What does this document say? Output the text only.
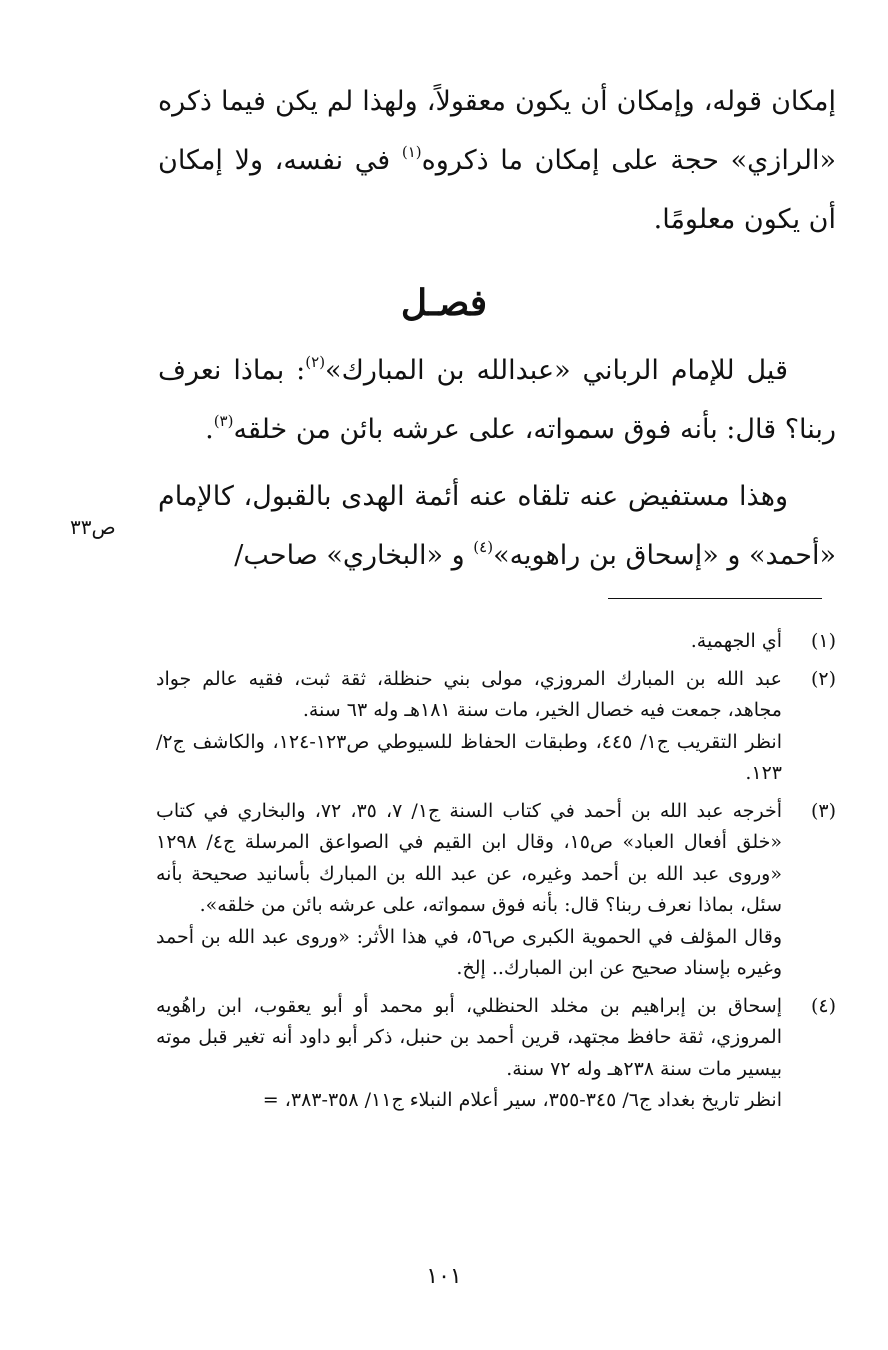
إمكان قوله، وإمكان أن يكون معقولاً، ولهذا لم يكن فيما ذكره «الرازي» حجة على إمكان ما ذكروه$^{(١)}$ في نفسه، ولا إمكان أن يكون معلومًا.

فصـل

قيل للإمام الرباني «عبدالله بن المبارك»$^{(٢)}$: بماذا نعرف ربنا؟ قال: بأنه فوق سمواته، على عرشه بائن من خلقه$^{(٣)}$.

وهذا مستفيض عنه تلقاه عنه أئمة الهدى بالقبول، كالإمام «أحمد» و «إسحاق بن راهويه»$^{(٤)}$ و «البخاري» صاحب/

ص٣٣
(١)

أي الجهمية.

(٢)

عبد الله بن المبارك المروزي، مولى بني حنظلة، ثقة ثبت، فقيه عالم جواد مجاهد، جمعت فيه خصال الخير، مات سنة ١٨١هـ وله ٦٣ سنة.

انظر التقريب ج١/ ٤٤٥، وطبقات الحفاظ للسيوطي ص١٢٣-١٢٤، والكاشف ج٢/ ١٢٣.

(٣)

أخرجه عبد الله بن أحمد في كتاب السنة ج١/ ٧، ٣٥، ٧٢، والبخاري في كتاب «خلق أفعال العباد» ص١٥، وقال ابن القيم في الصواعق المرسلة ج٤/ ١٢٩٨ «وروى عبد الله بن أحمد وغيره، عن عبد الله بن المبارك بأسانيد صحيحة بأنه سئل، بماذا نعرف ربنا؟ قال: بأنه فوق سمواته، على عرشه بائن من خلقه».

وقال المؤلف في الحموية الكبرى ص٥٦، في هذا الأثر: «وروى عبد الله بن أحمد وغيره بإسناد صحيح عن ابن المبارك.. إلخ.

(٤)

إسحاق بن إبراهيم بن مخلد الحنظلي، أبو محمد أو أبو يعقوب، ابن راهُويه المروزي، ثقة حافظ مجتهد، قرين أحمد بن حنبل، ذكر أبو داود أنه تغير قبل موته بيسير مات سنة ٢٣٨هـ وله ٧٢ سنة.

انظر تاريخ بغداد ج٦/ ٣٤٥-٣٥٥، سير أعلام النبلاء ج١١/ ٣٥٨-٣٨٣، =

١٠١
